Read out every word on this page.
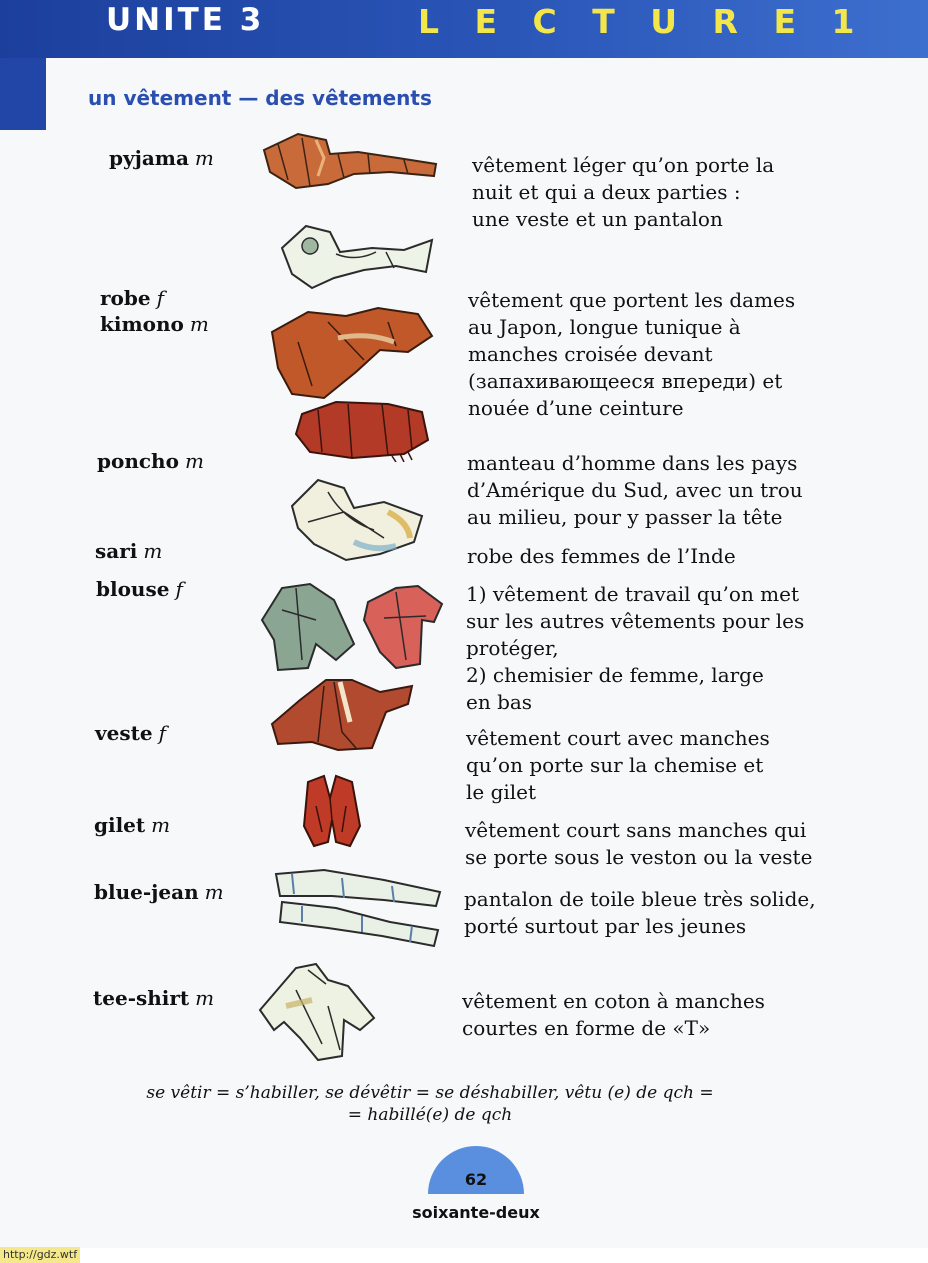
UNITE 3	L E C T U R E 1
un vêtement — des vêtements
pyjama m
robe f
kimono m
poncho m
sari m
blouse f
veste f
gilet m
blue-jean m
tee-shirt m
vêtement léger qu’on porte la
nuit et qui a deux parties :
une veste et un pantalon
vêtement que portent les dames
au Japon, longue tunique à
manches croisée devant
(запахивающееся впереди) et
nouée d’une ceinture
manteau d’homme dans les pays
d’Amérique du Sud, avec un trou
au milieu, pour y passer la tête
robe des femmes de l’Inde
1) vêtement de travail qu’on met
sur les autres vêtements pour les
protéger,
2) chemisier de femme, large
en bas
vêtement court avec manches
qu’on porte sur la chemise et
le gilet
vêtement court sans manches qui
se porte sous le veston ou la veste
pantalon de toile bleue très solide,
porté surtout par les jeunes
vêtement en coton à manches
courtes en forme de «T»
se vêtir = s’habiller, se dévêtir = se déshabiller, vêtu (e) de qch =
= habillé(e) de qch
62
soixante-deux
http://gdz.wtf
